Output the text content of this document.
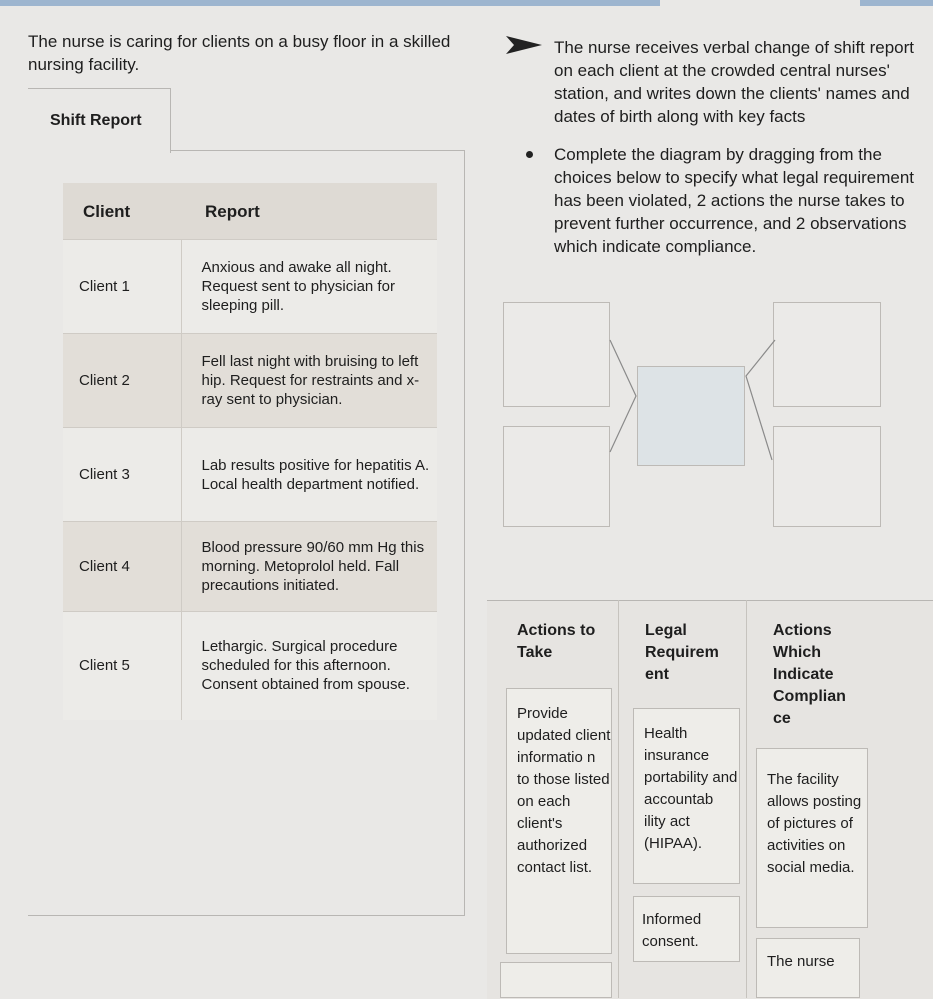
The nurse is caring for clients on a busy floor in a skilled nursing facility.
Shift Report
Client	Report
Client 1	Anxious and awake all night. Request sent to physician for sleeping pill.
Client 2	Fell last night with bruising to left hip. Request for restraints and x-ray sent to physician.
Client 3	Lab results positive for hepatitis A. Local health department notified.
Client 4	Blood pressure 90/60 mm Hg this morning. Metoprolol held. Fall precautions initiated.
Client 5	Lethargic. Surgical procedure scheduled for this afternoon. Consent obtained from spouse.
The nurse receives verbal change of shift report on each client at the crowded central nurses' station, and writes down the clients' names and dates of birth along with key facts
Complete the diagram by dragging from the choices below to specify what legal requirement has been violated, 2 actions the nurse takes to prevent further occurrence, and 2 observations which indicate compliance.
Actions to Take
Legal Requirem ent
Actions Which Indicate Complian ce
Provide updated client informatio n to those listed on each client's authorized contact list.
Health insurance portability and accountab ility act (HIPAA).
Informed consent.
The facility allows posting of pictures of activities on social media.
The nurse
